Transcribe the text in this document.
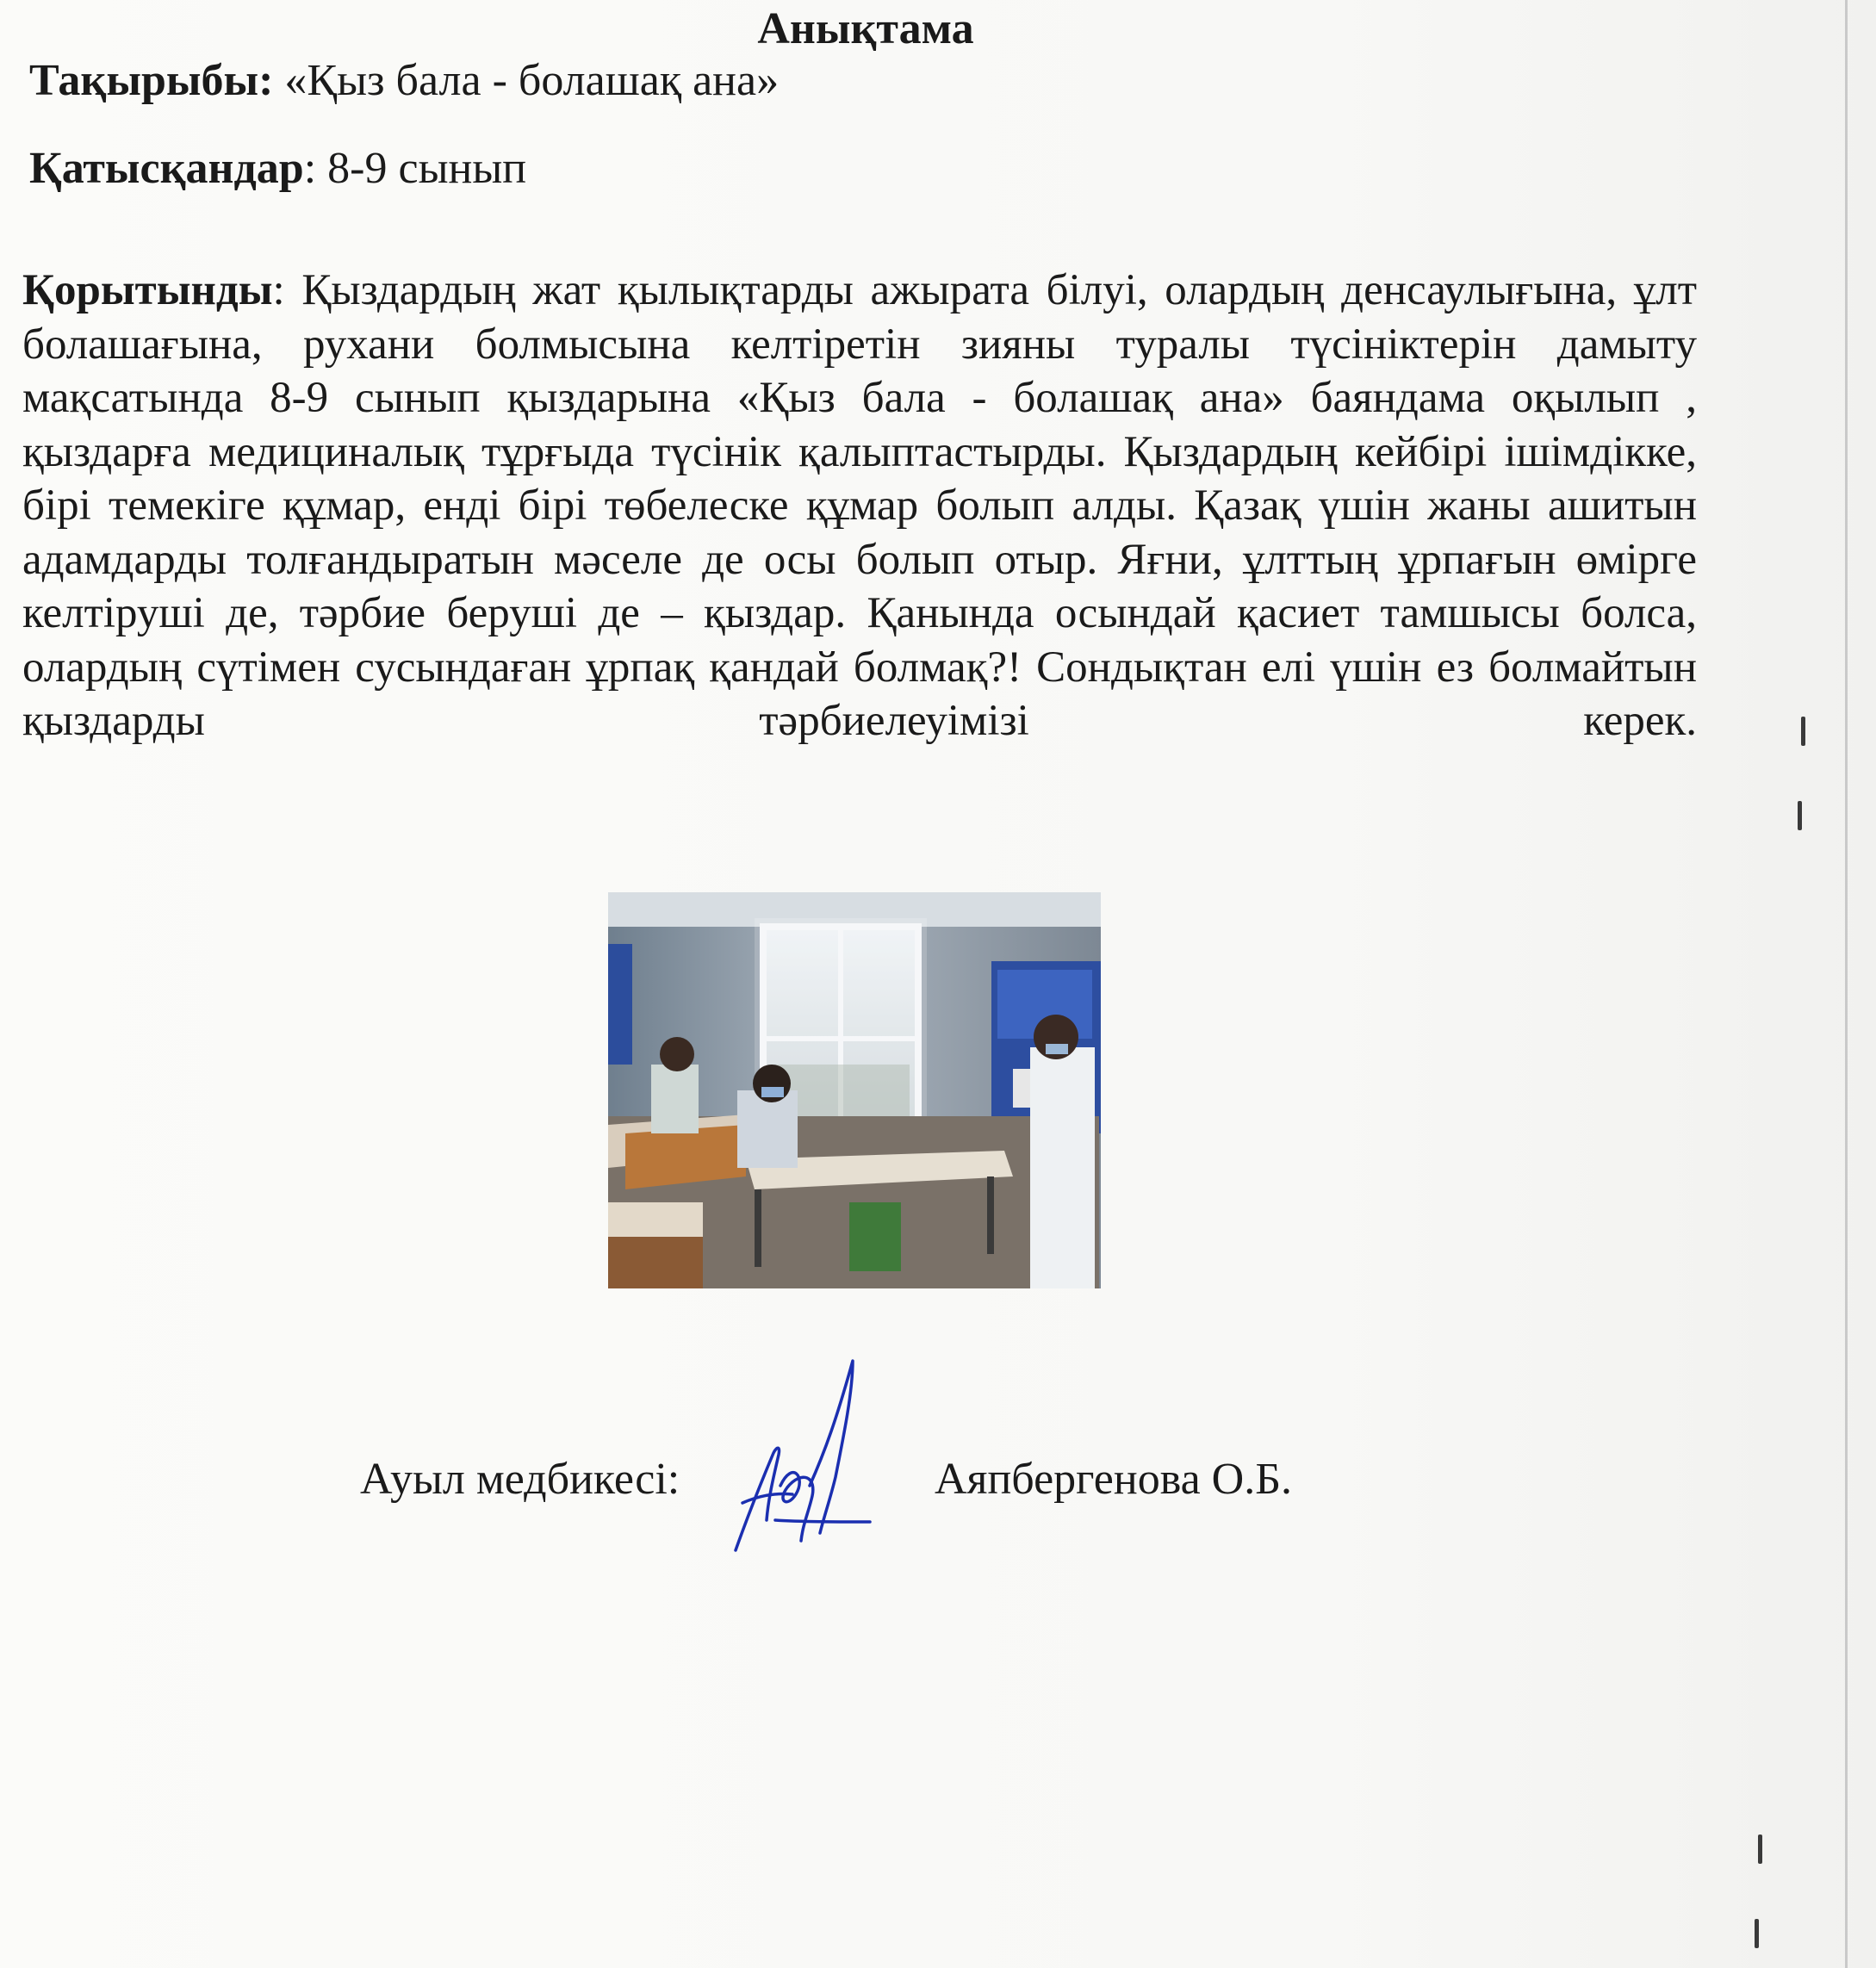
Анықтама

Тақырыбы: «Қыз бала - болашақ ана»

Қатысқандар: 8-9 сынып

Қорытынды: Қыздардың жат қылықтарды ажырата білуі, олардың денсаулығына, ұлт болашағына, рухани болмысына келтіретін зияны туралы түсініктерін дамыту мақсатында 8-9 сынып қыздарына «Қыз бала - болашақ ана» баяндама оқылып , қыздарға медициналық тұрғыда түсінік қалыптастырды. Қыздардың кейбірі ішімдікке, бірі темекіге құмар, енді бірі төбелеске құмар болып алды. Қазақ үшін жаны ашитын адамдарды толғандыратын мәселе де осы болып отыр. Яғни, ұлттың ұрпағын өмірге келтіруші де, тәрбие беруші де – қыздар. Қанында осындай қасиет тамшысы болса, олардың сүтімен сусындаған ұрпақ қандай болмақ?! Сондықтан елі үшін ез болмайтын қыздарды тәрбиелеуімізі керек.

Ауыл медбикесі:	Аяпбергенова О.Б.
